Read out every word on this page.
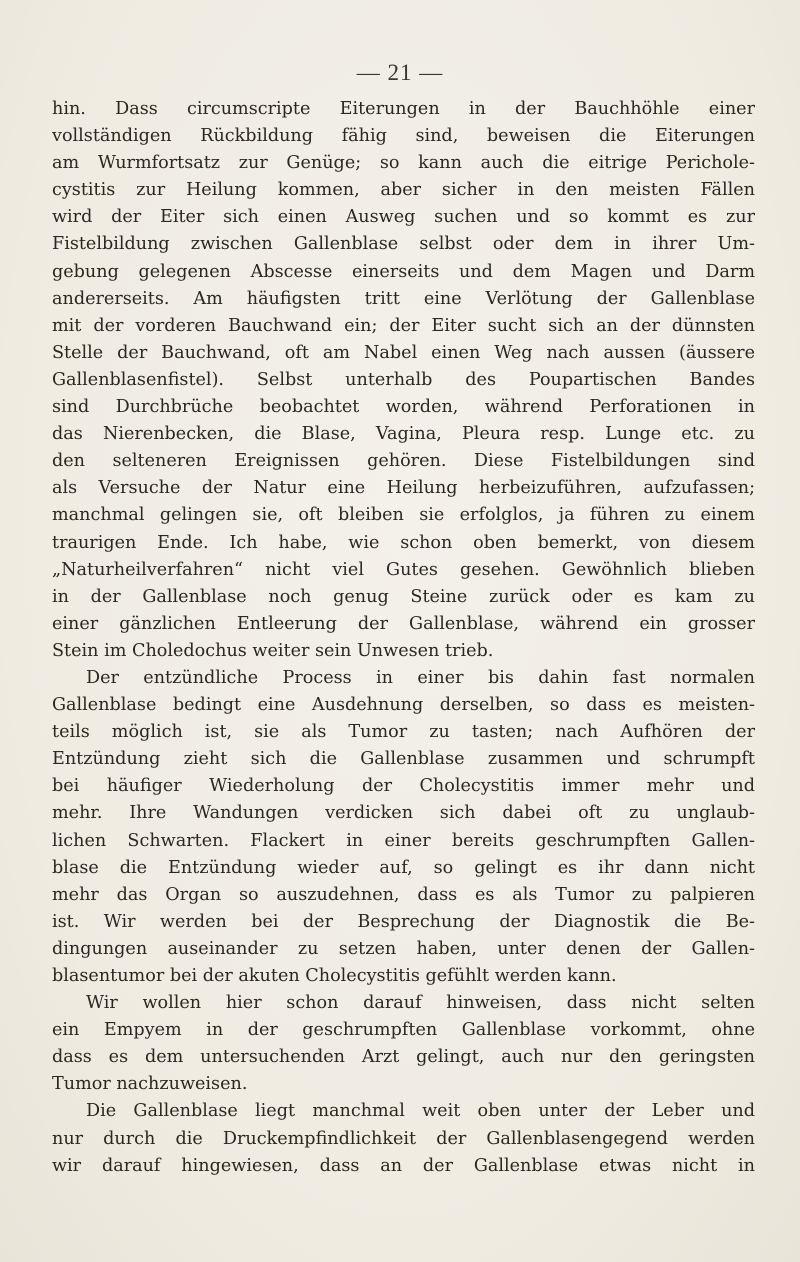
— 21 —
hin. Dass circumscripte Eiterungen in der Bauchhöhle einer
vollständigen Rückbildung fähig sind, beweisen die Eiterungen
am Wurmfortsatz zur Genüge; so kann auch die eitrige Pericholе-
cystitis zur Heilung kommen, aber sicher in den meisten Fällen
wird der Eiter sich einen Ausweg suchen und so kommt es zur
Fistelbildung zwischen Gallenblase selbst oder dem in ihrer Um-
gebung gelegenen Abscesse einerseits und dem Magen und Darm
andererseits. Am häufigsten tritt eine Verlötung der Gallenblase
mit der vorderen Bauchwand ein; der Eiter sucht sich an der dünnsten
Stelle der Bauchwand, oft am Nabel einen Weg nach aussen (äussere
Gallenblasenfistel). Selbst unterhalb des Poupartischen Bandes
sind Durchbrüche beobachtet worden, während Perforationen in
das Nierenbecken, die Blase, Vagina, Pleura resp. Lunge etc. zu
den selteneren Ereignissen gehören. Diese Fistelbildungen sind
als Versuche der Natur eine Heilung herbeizuführen, aufzufassen;
manchmal gelingen sie, oft bleiben sie erfolglos, ja führen zu einem
traurigen Ende. Ich habe, wie schon oben bemerkt, von diesem
„Naturheilverfahren“ nicht viel Gutes gesehen. Gewöhnlich blieben
in der Gallenblase noch genug Steine zurück oder es kam zu
einer gänzlichen Entleerung der Gallenblase, während ein grosser
Stein im Choledochus weiter sein Unwesen trieb.
Der entzündliche Process in einer bis dahin fast normalen
Gallenblase bedingt eine Ausdehnung derselben, so dass es meisten-
teils möglich ist, sie als Tumor zu tasten; nach Aufhören der
Entzündung zieht sich die Gallenblase zusammen und schrumpft
bei häufiger Wiederholung der Cholecystitis immer mehr und
mehr. Ihre Wandungen verdicken sich dabei oft zu unglaub-
lichen Schwarten. Flackert in einer bereits geschrumpften Gallen-
blase die Entzündung wieder auf, so gelingt es ihr dann nicht
mehr das Organ so auszudehnen, dass es als Tumor zu palpieren
ist. Wir werden bei der Besprechung der Diagnostik die Be-
dingungen auseinander zu setzen haben, unter denen der Gallen-
blasentumor bei der akuten Cholecystitis gefühlt werden kann.
Wir wollen hier schon darauf hinweisen, dass nicht selten
ein Empyem in der geschrumpften Gallenblase vorkommt, ohne
dass es dem untersuchenden Arzt gelingt, auch nur den geringsten
Tumor nachzuweisen.
Die Gallenblase liegt manchmal weit oben unter der Leber und
nur durch die Druckempfindlichkeit der Gallenblasengegend werden
wir darauf hingewiesen, dass an der Gallenblase etwas nicht in
